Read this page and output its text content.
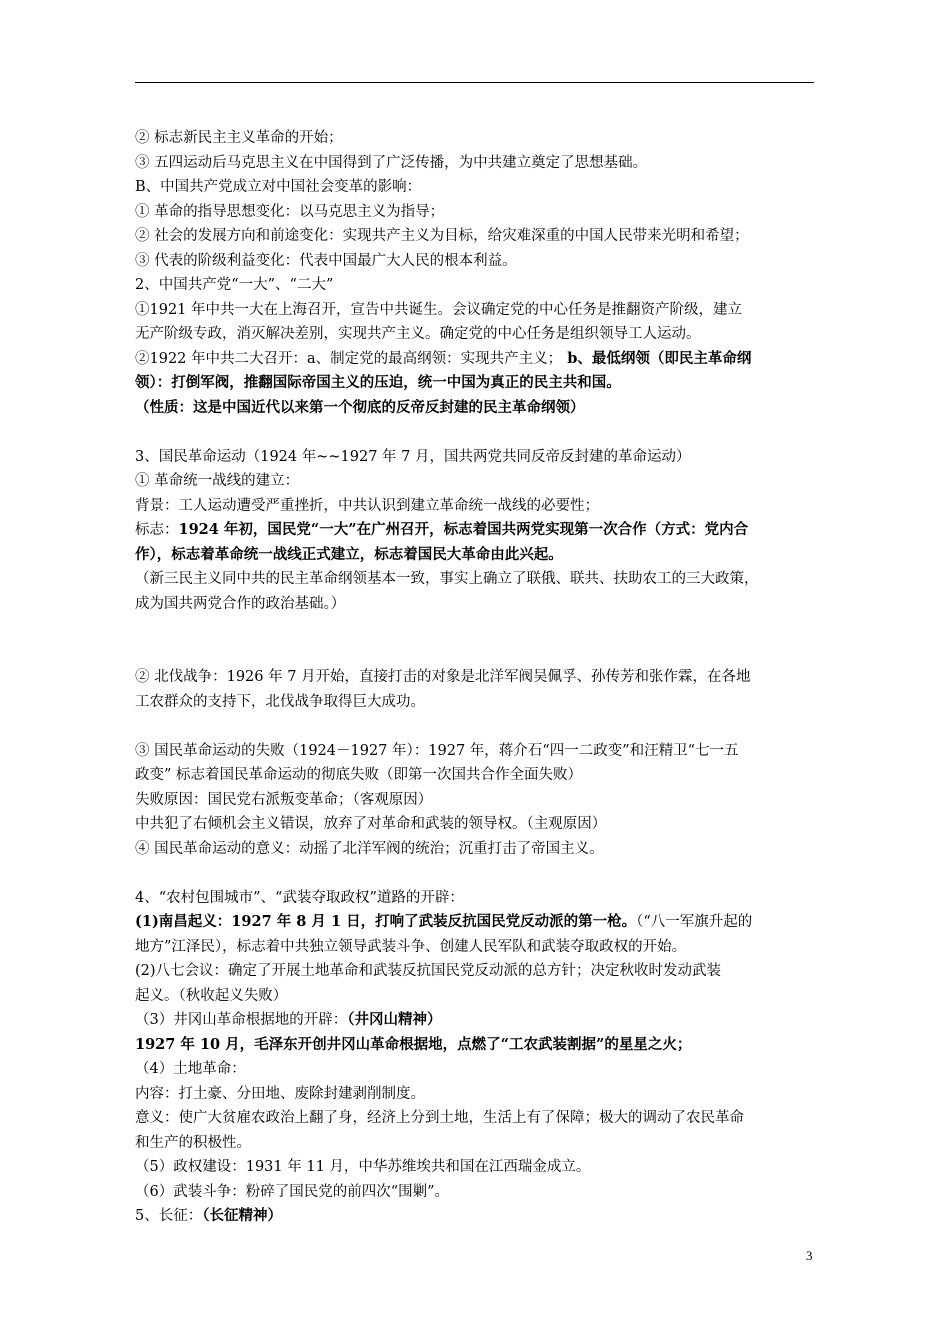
② 标志新民主主义革命的开始；
③ 五四运动后马克思主义在中国得到了广泛传播，为中共建立奠定了思想基础。
B、中国共产党成立对中国社会变革的影响：
① 革命的指导思想变化：以马克思主义为指导；
② 社会的发展方向和前途变化：实现共产主义为目标，给灾难深重的中国人民带来光明和希望；
③ 代表的阶级利益变化：代表中国最广大人民的根本利益。
2、中国共产党“一大”、“二大”
①1921 年中共一大在上海召开，宣告中共诞生。会议确定党的中心任务是推翻资产阶级，建立
无产阶级专政，消灭解决差别，实现共产主义。确定党的中心任务是组织领导工人运动。
②1922 年中共二大召开：a、制定党的最高纲领：实现共产主义； b、最低纲领（即民主革命纲
领）：打倒军阀，推翻国际帝国主义的压迫，统一中国为真正的民主共和国。
（性质：这是中国近代以来第一个彻底的反帝反封建的民主革命纲领）
3、国民革命运动（1924 年~~1927 年 7 月，国共两党共同反帝反封建的革命运动）
① 革命统一战线的建立：
背景：工人运动遭受严重挫折，中共认识到建立革命统一战线的必要性；
标志：1924 年初，国民党“一大”在广州召开，标志着国共两党实现第一次合作（方式：党内合
作），标志着革命统一战线正式建立，标志着国民大革命由此兴起。
（新三民主义同中共的民主革命纲领基本一致，事实上确立了联俄、联共、扶助农工的三大政策，
成为国共两党合作的政治基础。）
② 北伐战争：1926 年 7 月开始，直接打击的对象是北洋军阀吴佩孚、孙传芳和张作霖，在各地
工农群众的支持下，北伐战争取得巨大成功。
③ 国民革命运动的失败（1924－1927 年）：1927 年，蒋介石“四一二政变”和汪精卫“七一五
政变” 标志着国民革命运动的彻底失败（即第一次国共合作全面失败）
失败原因：国民党右派叛变革命；（客观原因）
中共犯了右倾机会主义错误，放弃了对革命和武装的领导权。（主观原因）
④ 国民革命运动的意义：动摇了北洋军阀的统治；沉重打击了帝国主义。
4、“农村包围城市”、“武装夺取政权”道路的开辟：
(1)南昌起义：1927 年 8 月 1 日，打响了武装反抗国民党反动派的第一枪。（“八一军旗升起的
地方”江泽民），标志着中共独立领导武装斗争、创建人民军队和武装夺取政权的开始。
(2)八七会议：确定了开展土地革命和武装反抗国民党反动派的总方针；决定秋收时发动武装
起义。（秋收起义失败）
（3）井冈山革命根据地的开辟：（井冈山精神）
1927 年 10 月，毛泽东开创井冈山革命根据地，点燃了“工农武装割据”的星星之火；
（4）土地革命：
内容：打土豪、分田地、废除封建剥削制度。
意义：使广大贫雇农政治上翻了身，经济上分到土地，生活上有了保障；极大的调动了农民革命
和生产的积极性。
（5）政权建设：1931 年 11 月，中华苏维埃共和国在江西瑞金成立。
（6）武装斗争：粉碎了国民党的前四次“围剿”。
5、长征：（长征精神）
3
